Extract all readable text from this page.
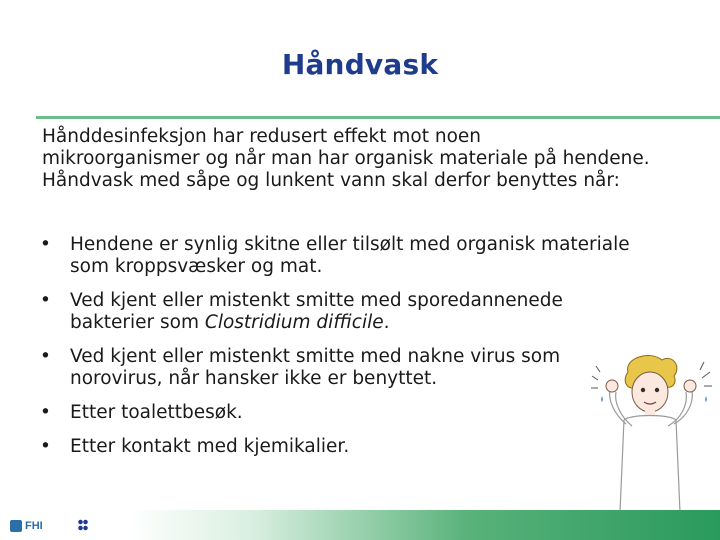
Håndvask
Hånddesinfeksjon har redusert effekt mot noen
mikroorganismer og når man har organisk materiale på hendene.
Håndvask med såpe og lunkent vann skal derfor benyttes når:
•	Hendene er synlig skitne eller tilsølt med organisk materiale
som kroppsvæsker og mat.
•	Ved kjent eller mistenkt smitte med sporedannenede
bakterier som Clostridium difficile.
•	Ved kjent eller mistenkt smitte med nakne virus som
norovirus, når hansker ikke er benyttet.
•	Etter toalettbesøk.
•	Etter kontakt med kjemikalier.
FHI
